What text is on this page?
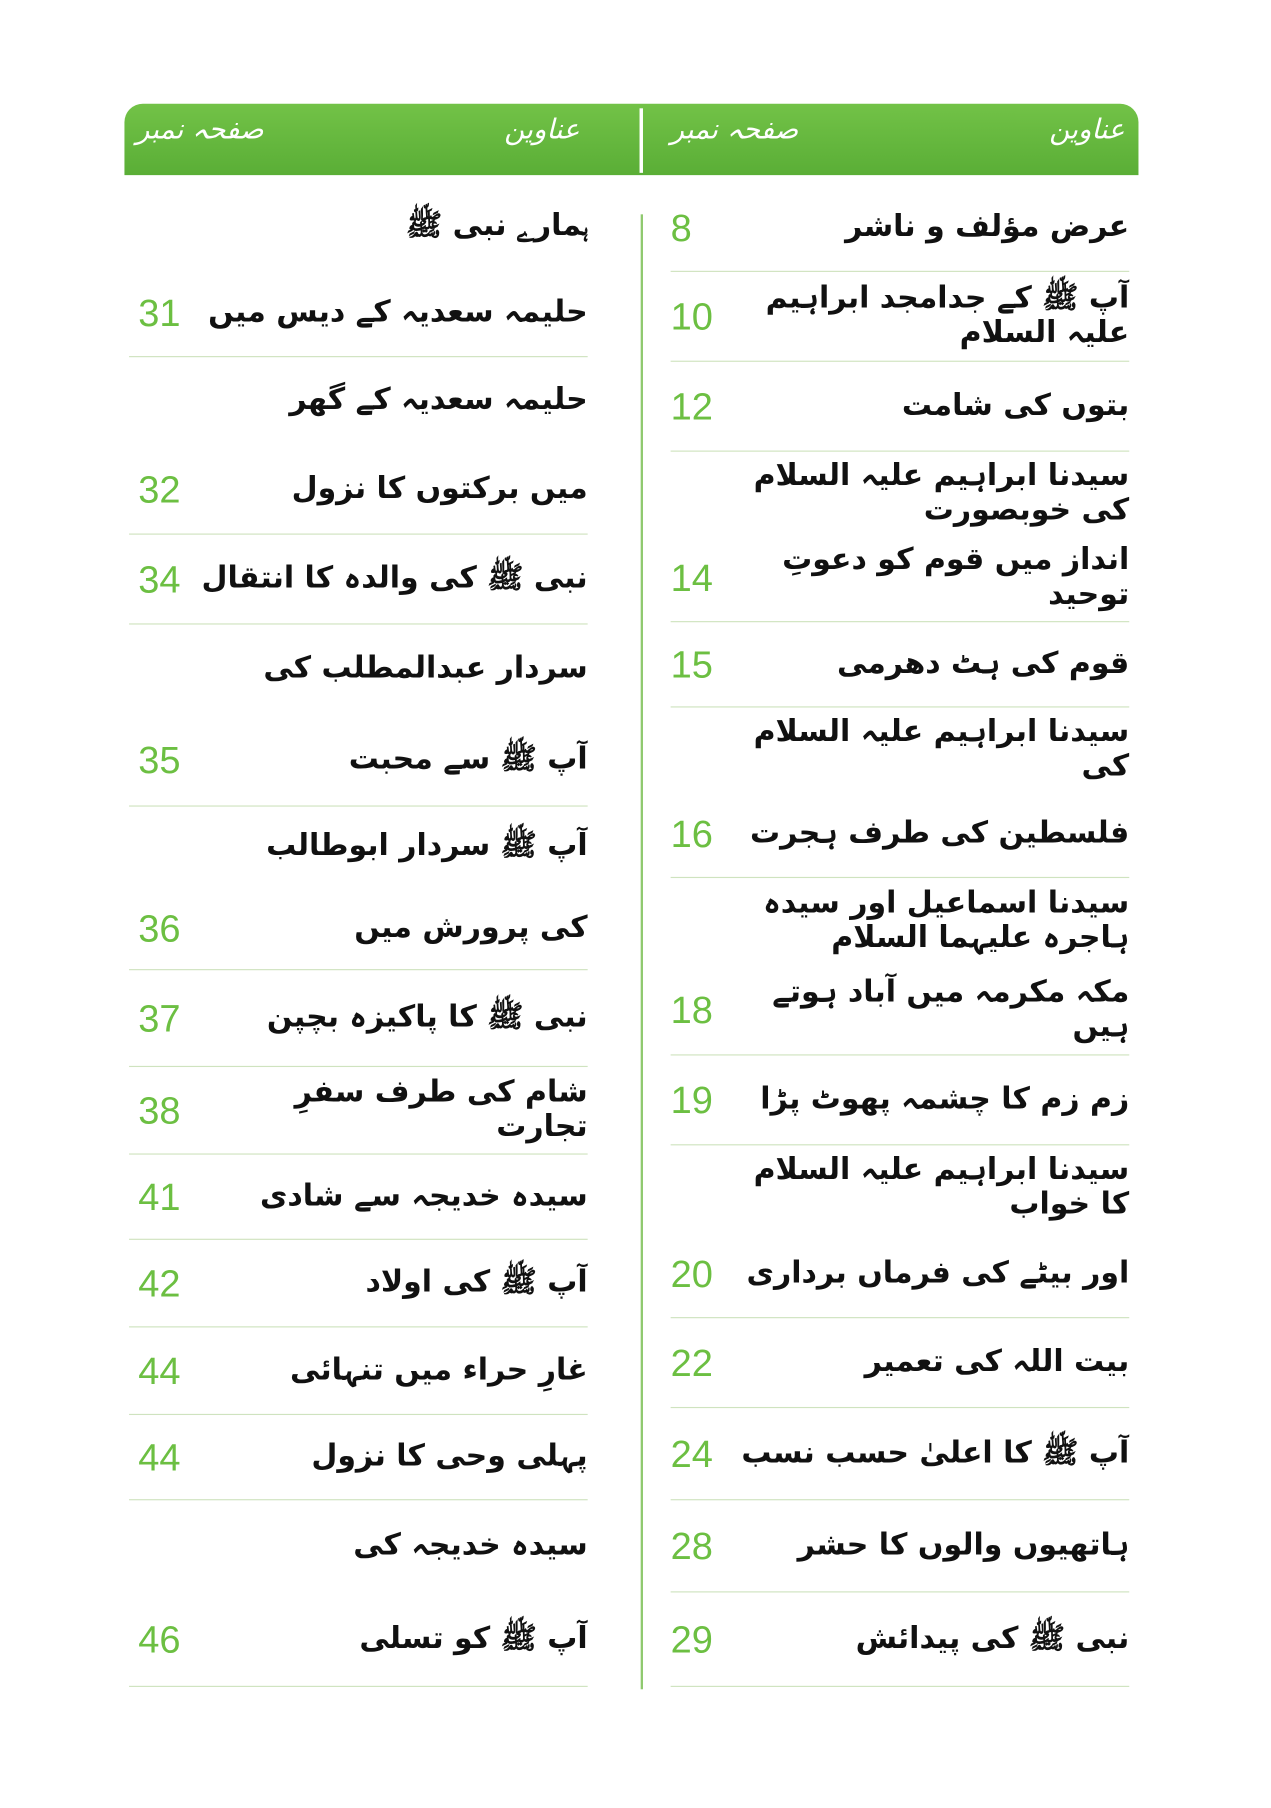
عناوین
صفحہ نمبر
عناوین
صفحہ نمبر
عرض مؤلف و ناشر
8
آپ ﷺ کے جدامجد ابراہیم علیہ السلام
10
بتوں کی شامت
12
سیدنا ابراہیم علیہ السلام کی خوبصورت
انداز میں قوم کو دعوتِ توحید
14
قوم کی ہٹ دھرمی
15
سیدنا ابراہیم علیہ السلام کی
فلسطین کی طرف ہجرت
16
سیدنا اسماعیل اور سیدہ ہاجرہ علیہما السلام
مکہ مکرمہ میں آباد ہوتے ہیں
18
زم زم کا چشمہ پھوٹ پڑا
19
سیدنا ابراہیم علیہ السلام کا خواب
اور بیٹے کی فرماں برداری
20
بیت اللہ کی تعمیر
22
آپ ﷺ کا اعلیٰ حسب نسب
24
ہاتھیوں والوں کا حشر
28
نبی ﷺ کی پیدائش
29
ہمارے نبی ﷺ
حلیمہ سعدیہ کے دیس میں
31
حلیمہ سعدیہ کے گھر
میں برکتوں کا نزول
32
نبی ﷺ کی والدہ کا انتقال
34
سردار عبدالمطلب کی
آپ ﷺ سے محبت
35
آپ ﷺ سردار ابوطالب
کی پرورش میں
36
نبی ﷺ کا پاکیزہ بچپن
37
شام کی طرف سفرِ تجارت
38
سیدہ خدیجہ سے شادی
41
آپ ﷺ کی اولاد
42
غارِ حراء میں تنہائی
44
پہلی وحی کا نزول
44
سیدہ خدیجہ کی
آپ ﷺ کو تسلی
46
